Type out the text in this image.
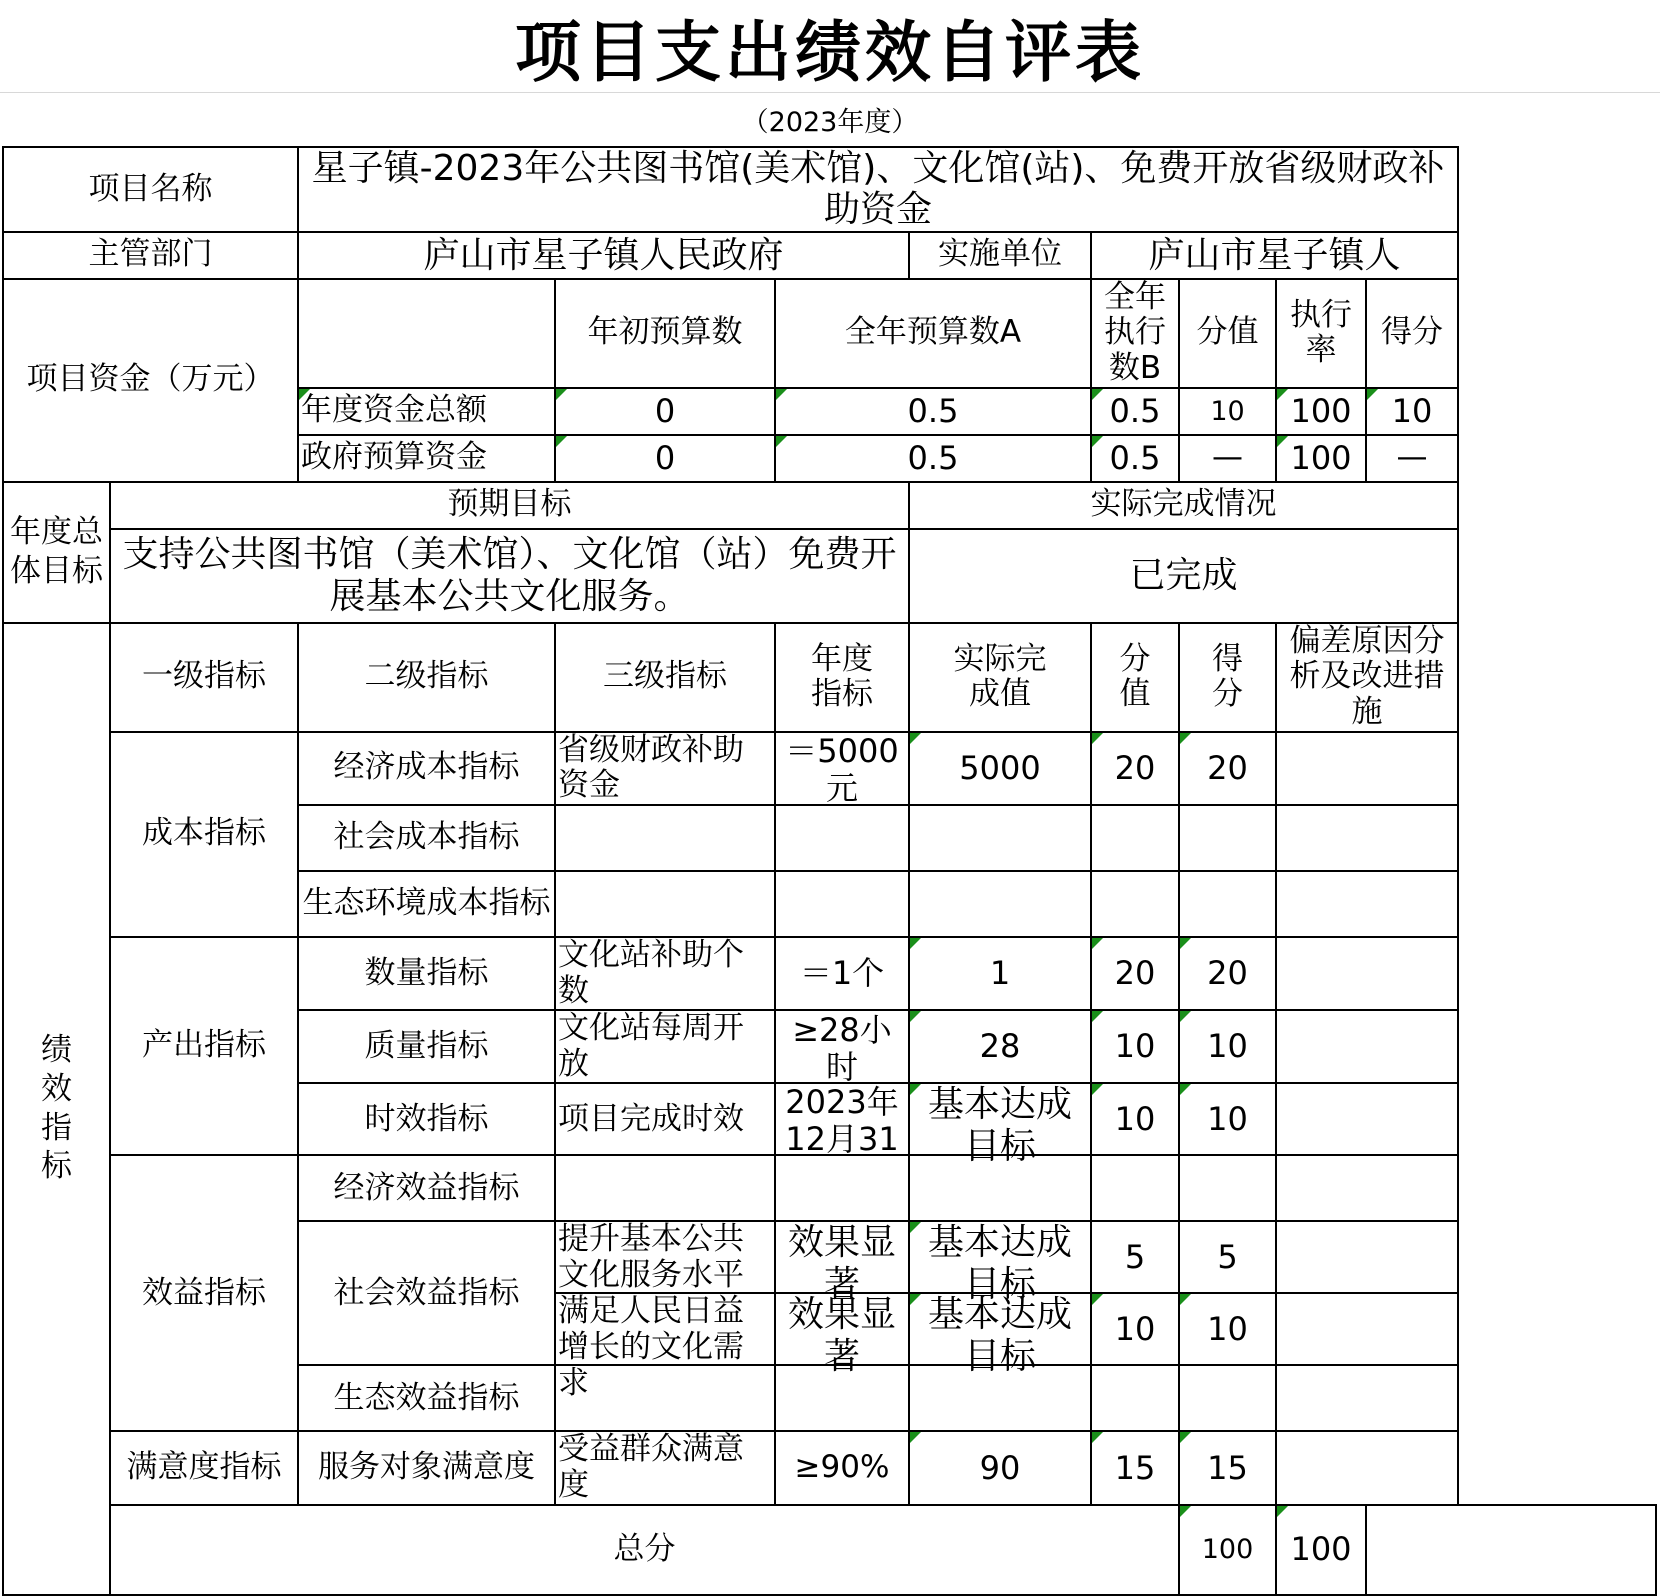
项目支出绩效自评表
（2023年度）
项目名称		星子镇-2023年公共图书馆(美术馆)、文化馆(站)、免费开放省级财政补助资金							
主管部门		庐山市星子镇人民政府			实施单位	庐山市星子镇人			
项目资金（万元）			年初预算数	全年预算数A		全年执行数B	分值	执行率	得分
		年度资金总额	0	0.5		0.5	10	100	10
		政府预算资金	0	0.5		0.5	—	100	—
年度总体目标	预期目标				实际完成情况				
	支持公共图书馆（美术馆）、文化馆（站）免费开展基本公共文化服务。				已完成				
绩效指标	一级指标	二级指标	三级指标	年度指标	实际完成值	分值	得分	偏差原因分析及改进措施	
	成本指标	经济成本指标	省级财政补助资金	＝5000元	5000	20	20		
		社会成本指标							
		生态环境成本指标							
	产出指标	数量指标	文化站补助个数	＝1个	1	20	20		
		质量指标	文化站每周开放	≥28小时	28	10	10		
		时效指标	项目完成时效	2023年12月31	基本达成目标	10	10		
	效益指标	经济效益指标							
		社会效益指标	提升基本公共文化服务水平	效果显著	基本达成目标	5	5		

			满足人民日益增长的文化需求	效果显著	基本达成目标	10	10		
		生态效益指标							
	满意度指标	服务对象满意度	受益群众满意度	≥90%	90	15	15		
	总分						100	100	
